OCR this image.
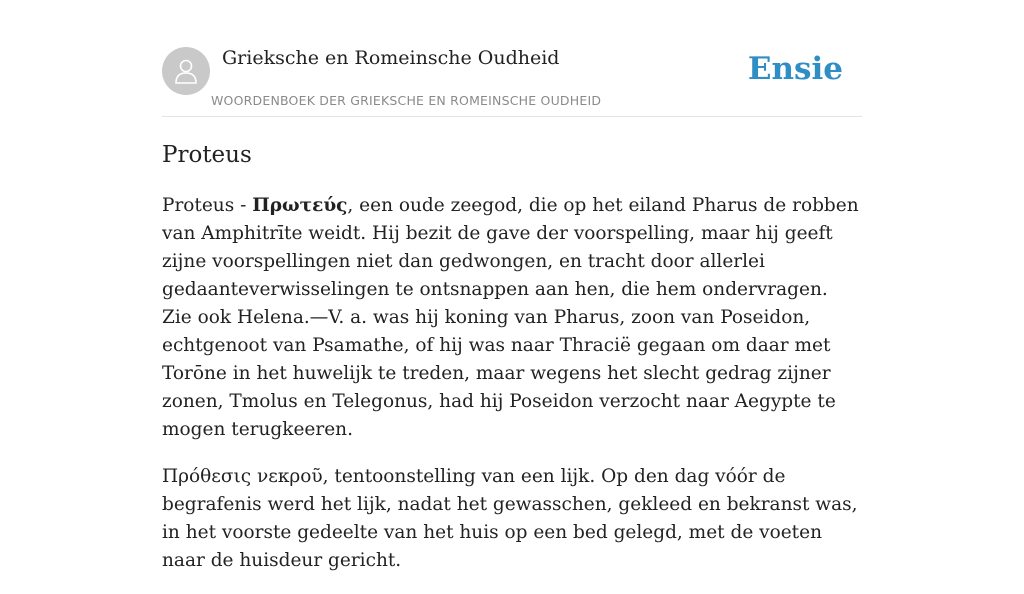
Grieksche en Romeinsche Oudheid
WOORDENBOEK DER GRIEKSCHE EN ROMEINSCHE OUDHEID
Ensie
Proteus

Proteus - Πρωτεύς, een oude zeegod, die op het eiland Pharus de robben van Amphitrīte weidt. Hij bezit de gave der voorspelling, maar hij geeft zijne voorspellingen niet dan gedwongen, en tracht door allerlei gedaanteverwisselingen te ontsnappen aan hen, die hem ondervragen. Zie ook Helena.—V. a. was hij koning van Pharus, zoon van Poseidon, echtgenoot van Psamathe, of hij was naar Thracië gegaan om daar met Torōne in het huwelijk te treden, maar wegens het slecht gedrag zijner zonen, Tmolus en Telegonus, had hij Poseidon verzocht naar Aegypte te mogen terugkeeren.

Πρόθεσις νεκροῦ, tentoonstelling van een lijk. Op den dag vóór de begrafenis werd het lijk, nadat het gewasschen, gekleed en bekranst was, in het voorste gedeelte van het huis op een bed gelegd, met de voeten naar de huisdeur gericht.
